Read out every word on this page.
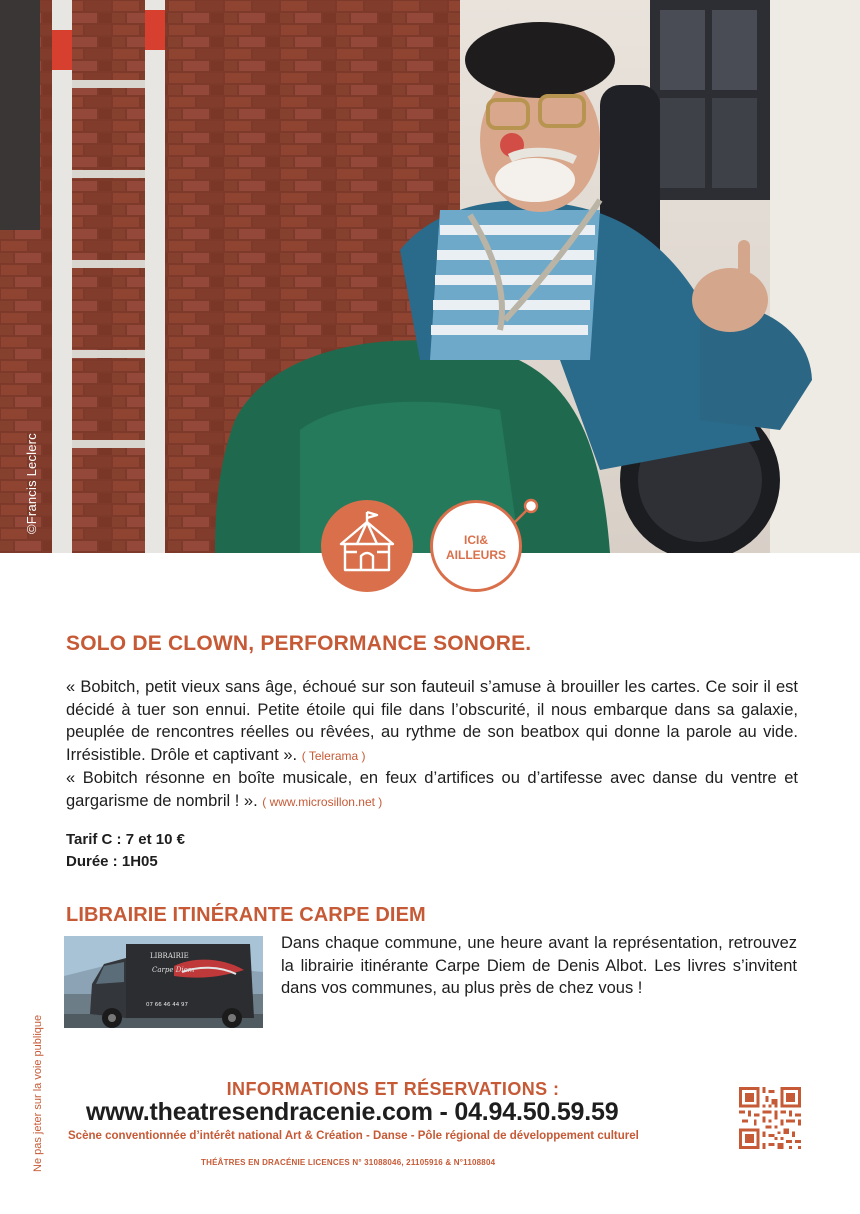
©Francis Leclerc
ICI&
AILLEURS
SOLO DE CLOWN, PERFORMANCE SONORE.

« Bobitch, petit vieux sans âge, échoué sur son fauteuil s’amuse à brouiller les cartes. Ce soir il est décidé à tuer son ennui. Petite étoile qui file dans l’obscurité, il nous embarque dans sa galaxie, peuplée de rencontres réelles ou rêvées, au rythme de son beatbox qui donne la parole au vide. Irrésistible. Drôle et captivant ». ( Telerama )

« Bobitch résonne en boîte musicale, en feux d’artifices ou d’artifesse avec danse du ventre et gargarisme de nombril ! ». ( www.microsillon.net )

Tarif C : 7 et 10 €
Durée : 1H05
LIBRAIRIE ITINÉRANTE CARPE DIEM
LIBRAIRIE
Carpe Diem
07 66 46 44 97
Dans chaque commune, une heure avant la représentation, retrouvez la librairie itinérante Carpe Diem de Denis Albot. Les livres s’invitent dans vos communes, au plus près de chez vous !
INFORMATIONS ET RÉSERVATIONS :
www.theatresendracenie.com - 04.94.50.59.59
Scène conventionnée d’intérêt national Art & Création - Danse - Pôle régional de développement culturel
THÉÂTRES EN DRACÉNIE LICENCES N° 31088046, 21105916 & N°1108804
Ne pas jeter sur la voie publique
